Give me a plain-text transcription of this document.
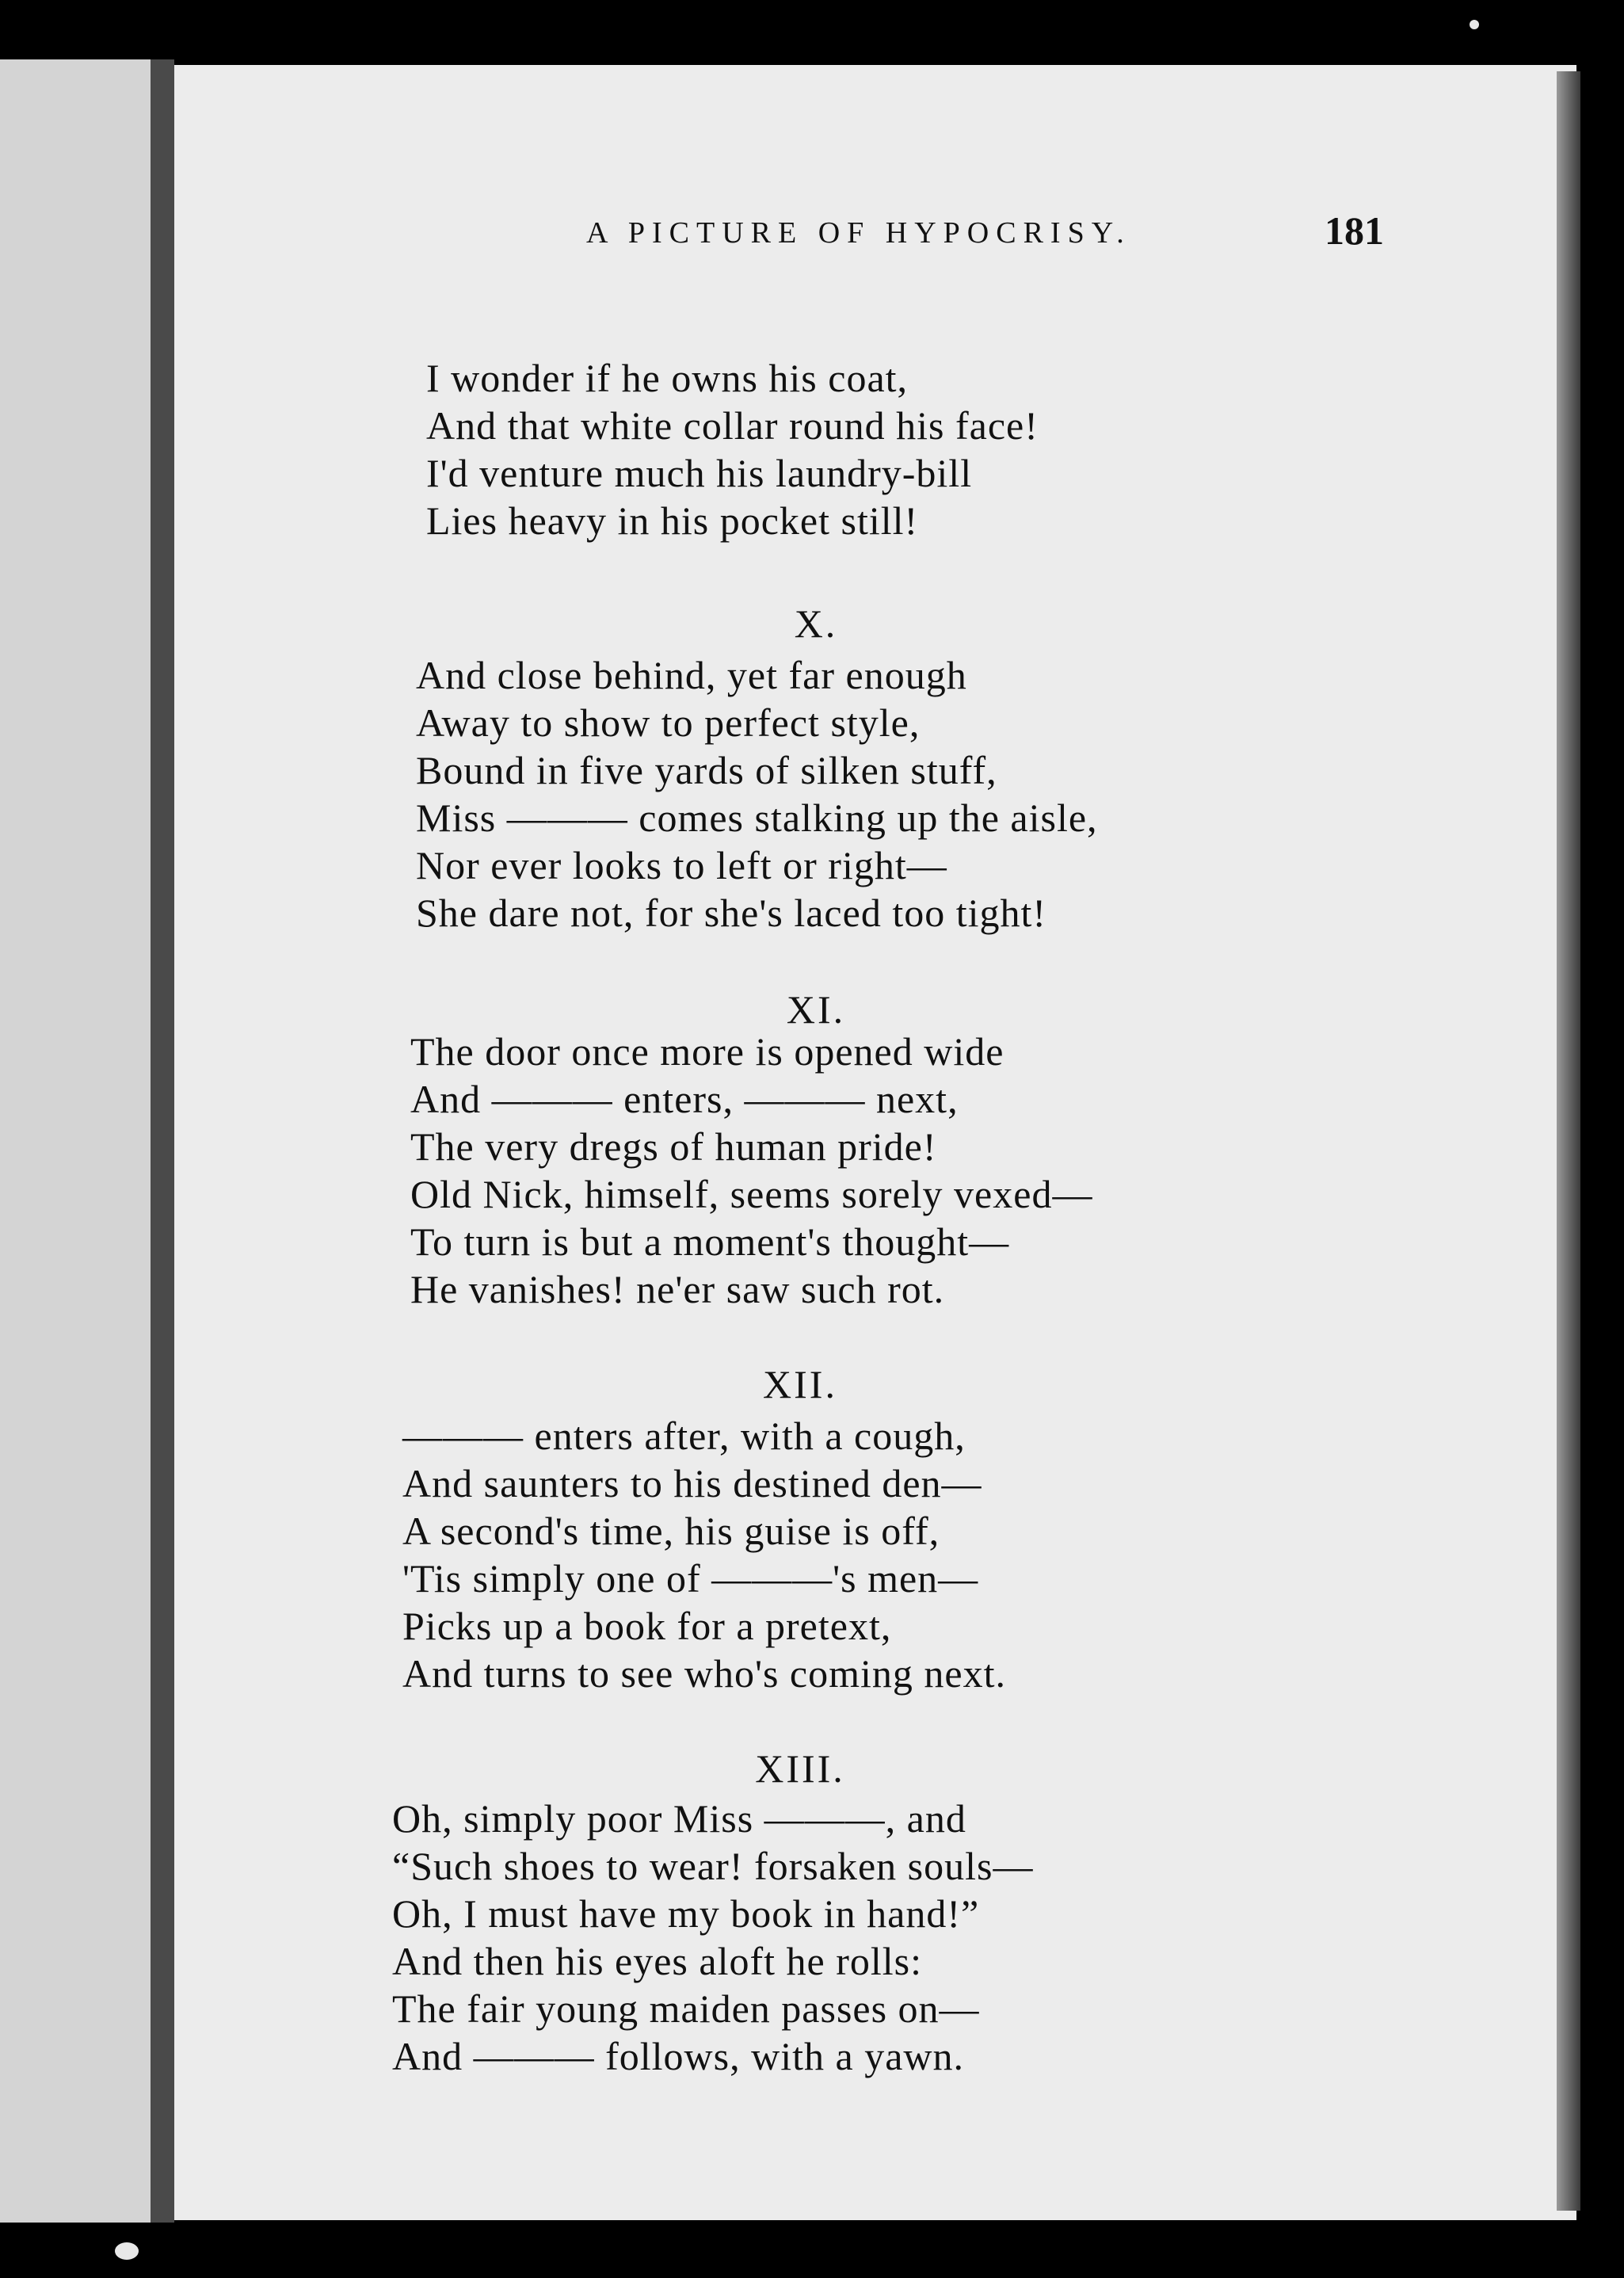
A PICTURE OF HYPOCRISY.	181
I wonder if he owns his coat,
And that white collar round his face!
I'd venture much his laundry-bill
Lies heavy in his pocket still!
X.
And close behind, yet far enough
Away to show to perfect style,
Bound in five yards of silken stuff,
Miss ——— comes stalking up the aisle,
Nor ever looks to left or right—
She dare not, for she's laced too tight!
XI.
The door once more is opened wide
And ——— enters, ——— next,
The very dregs of human pride!
Old Nick, himself, seems sorely vexed—
To turn is but a moment's thought—
He vanishes! ne'er saw such rot.
XII.
——— enters after, with a cough,
And saunters to his destined den—
A second's time, his guise is off,
'Tis simply one of ———'s men—
Picks up a book for a pretext,
And turns to see who's coming next.
XIII.
Oh, simply poor Miss ———, and
“Such shoes to wear! forsaken souls—
Oh, I must have my book in hand!”
And then his eyes aloft he rolls:
The fair young maiden passes on—
And ——— follows, with a yawn.
